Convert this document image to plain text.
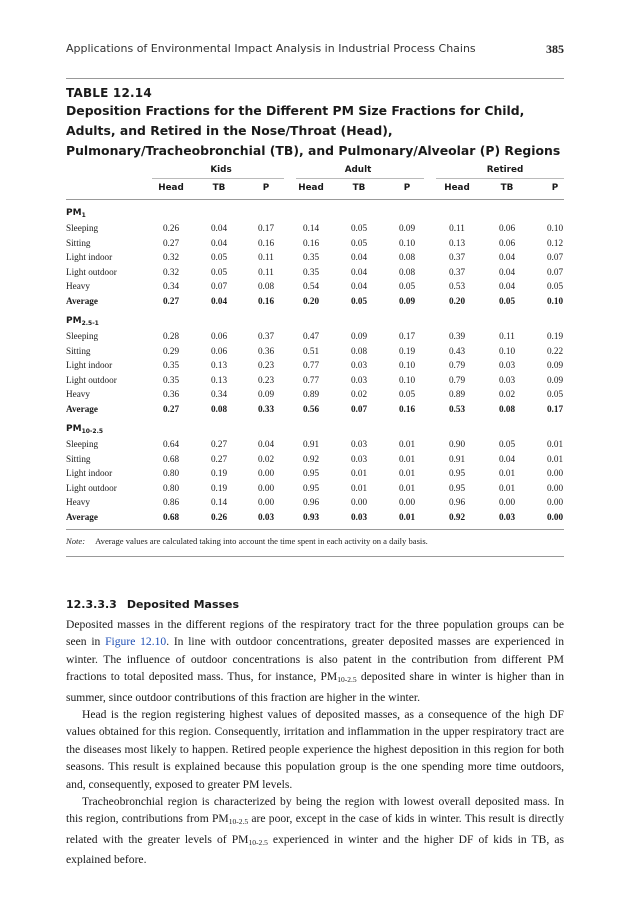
Applications of Environmental Impact Analysis in Industrial Process Chains	385
TABLE 12.14
Deposition Fractions for the Different PM Size Fractions for Child, Adults, and Retired in the Nose/Throat (Head), Pulmonary/Tracheobronchial (TB), and Pulmonary/Alveolar (P) Regions
Kids	Adult	Retired
Head	TB	P	Head	TB	P	Head	TB	P
$PM_1$
Sleeping	0.26	0.04	0.17	0.14	0.05	0.09	0.11	0.06	0.10
Sitting	0.27	0.04	0.16	0.16	0.05	0.10	0.13	0.06	0.12
Light indoor	0.32	0.05	0.11	0.35	0.04	0.08	0.37	0.04	0.07
Light outdoor	0.32	0.05	0.11	0.35	0.04	0.08	0.37	0.04	0.07
Heavy	0.34	0.07	0.08	0.54	0.04	0.05	0.53	0.04	0.05
Average	0.27	0.04	0.16	0.20	0.05	0.09	0.20	0.05	0.10
$PM_{2.5-1}$
Sleeping	0.28	0.06	0.37	0.47	0.09	0.17	0.39	0.11	0.19
Sitting	0.29	0.06	0.36	0.51	0.08	0.19	0.43	0.10	0.22
Light indoor	0.35	0.13	0.23	0.77	0.03	0.10	0.79	0.03	0.09
Light outdoor	0.35	0.13	0.23	0.77	0.03	0.10	0.79	0.03	0.09
Heavy	0.36	0.34	0.09	0.89	0.02	0.05	0.89	0.02	0.05
Average	0.27	0.08	0.33	0.56	0.07	0.16	0.53	0.08	0.17
$PM_{10-2.5}$
Sleeping	0.64	0.27	0.04	0.91	0.03	0.01	0.90	0.05	0.01
Sitting	0.68	0.27	0.02	0.92	0.03	0.01	0.91	0.04	0.01
Light indoor	0.80	0.19	0.00	0.95	0.01	0.01	0.95	0.01	0.00
Light outdoor	0.80	0.19	0.00	0.95	0.01	0.01	0.95	0.01	0.00
Heavy	0.86	0.14	0.00	0.96	0.00	0.00	0.96	0.00	0.00
Average	0.68	0.26	0.03	0.93	0.03	0.01	0.92	0.03	0.00
Note: Average values are calculated taking into account the time spent in each activity on a daily basis.
12.3.3.3 Deposited Masses

Deposited masses in the different regions of the respiratory tract for the three population groups can be seen in Figure 12.10. In line with outdoor concentrations, greater deposited masses are experienced in winter. The influence of outdoor concentrations is also patent in the contribution from different PM fractions to total deposited mass. Thus, for instance, $PM_{10-2.5}$ deposited share in winter is higher than in summer, since outdoor contributions of this fraction are higher in the winter.

Head is the region registering highest values of deposited masses, as a consequence of the high DF values obtained for this region. Consequently, irritation and inflammation in the upper respiratory tract are the diseases most likely to happen. Retired people experience the highest deposition in this region for both seasons. This result is explained because this population group is the one spending more time outdoors, and, consequently, exposed to greater PM levels.

Tracheobronchial region is characterized by being the region with lowest overall deposited mass. In this region, contributions from $PM_{10-2.5}$ are poor, except in the case of kids in winter. This result is directly related with the greater levels of $PM_{10-2.5}$ experienced in winter and the higher DF of kids in TB, as explained before.
